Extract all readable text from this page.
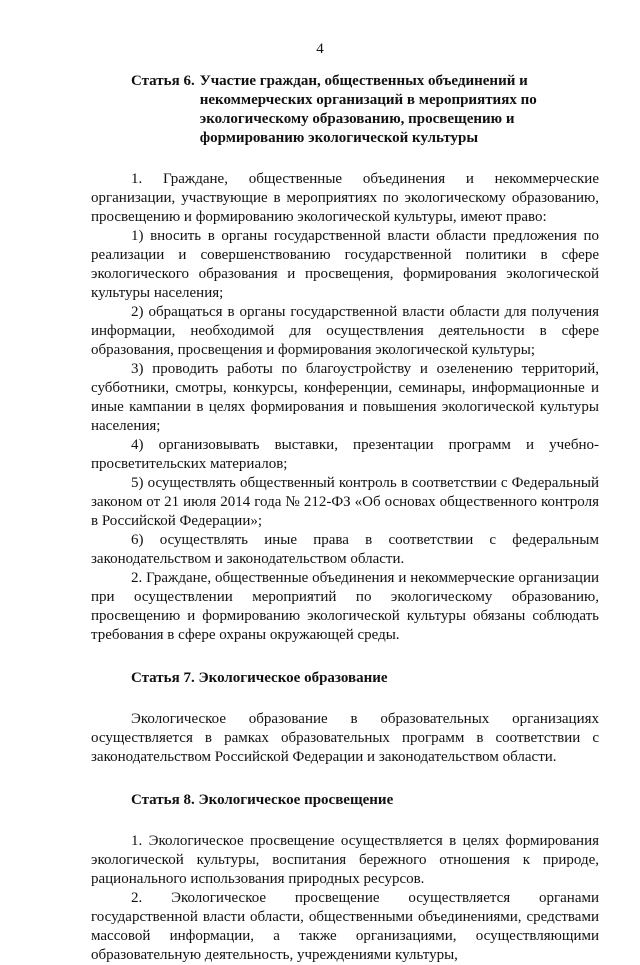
4
Статья 6. Участие граждан, общественных объединений и некоммерческих организаций в мероприятиях по экологическому образованию, просвещению и формированию экологической культуры

1. Граждане, общественные объединения и некоммерческие организации, участвующие в мероприятиях по экологическому образованию, просвещению и формированию экологической культуры, имеют право:

1) вносить в органы государственной власти области предложения по реализации и совершенствованию государственной политики в сфере экологического образования и просвещения, формирования экологической культуры населения;

2) обращаться в органы государственной власти области для получения информации, необходимой для осуществления деятельности в сфере образования, просвещения и формирования экологической культуры;

3) проводить работы по благоустройству и озеленению территорий, субботники, смотры, конкурсы, конференции, семинары, информационные и иные кампании в целях формирования и повышения экологической культуры населения;

4) организовывать выставки, презентации программ и учебно-просветительских материалов;

5) осуществлять общественный контроль в соответствии с Федеральный законом от 21 июля 2014 года № 212-ФЗ «Об основах общественного контроля в Российской Федерации»;

6) осуществлять иные права в соответствии с федеральным законодательством и законодательством области.

2. Граждане, общественные объединения и некоммерческие организации при осуществлении мероприятий по экологическому образованию, просвещению и формированию экологической культуры обязаны соблюдать требования в сфере охраны окружающей среды.

Статья 7. Экологическое образование

Экологическое образование в образовательных организациях осуществляется в рамках образовательных программ в соответствии с законодательством Российской Федерации и законодательством области.

Статья 8. Экологическое просвещение

1. Экологическое просвещение осуществляется в целях формирования экологической культуры, воспитания бережного отношения к природе, рационального использования природных ресурсов.

2. Экологическое просвещение осуществляется органами государственной власти области, общественными объединениями, средствами массовой информации, а также организациями, осуществляющими образовательную деятельность, учреждениями культуры,
